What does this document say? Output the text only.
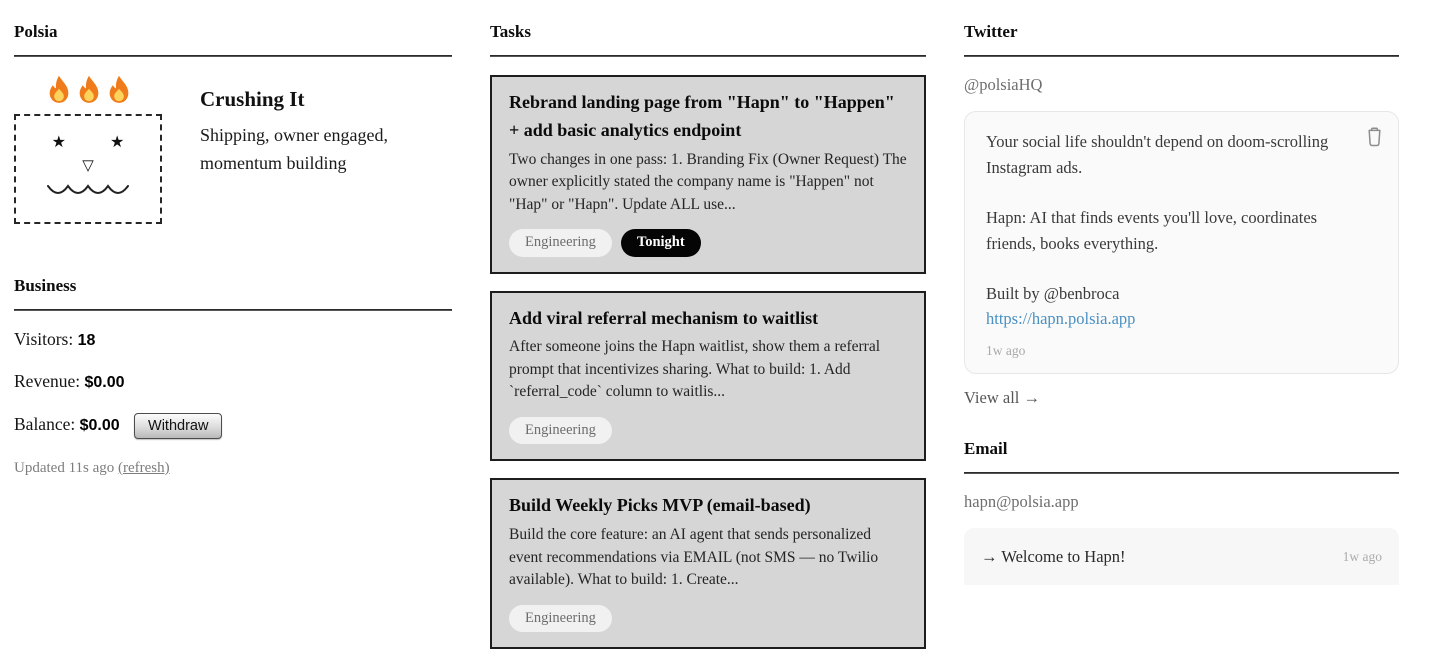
Polsia
★	★
▽
Crushing It

Shipping, owner engaged, momentum building

Business

Visitors: 18

Revenue: $0.00

Balance: $0.00 Withdraw

Updated 11s ago (refresh)

Tasks
Rebrand landing page from "Hapn" to "Happen" + add basic analytics endpoint

Two changes in one pass: 1. Branding Fix (Owner Request) The owner explicitly stated the company name is "Happen" not "Hap" or "Hapn". Update ALL use...

Engineering	Tonight
Add viral referral mechanism to waitlist

After someone joins the Hapn waitlist, show them a referral prompt that incentivizes sharing. What to build: 1. Add `referral_code` column to waitlis...

Engineering
Build Weekly Picks MVP (email-based)

Build the core feature: an AI agent that sends personalized event recommendations via EMAIL (not SMS — no Twilio available). What to build: 1. Create...

Engineering
Twitter

@polsiaHQ

Your social life shouldn't depend on doom-scrolling Instagram ads.

Hapn: AI that finds events you'll love, coordinates friends, books everything.

Built by @benbroca

https://hapn.polsia.app
1w ago

View all →

Email

hapn@polsia.app

→ Welcome to Hapn!	1w ago
